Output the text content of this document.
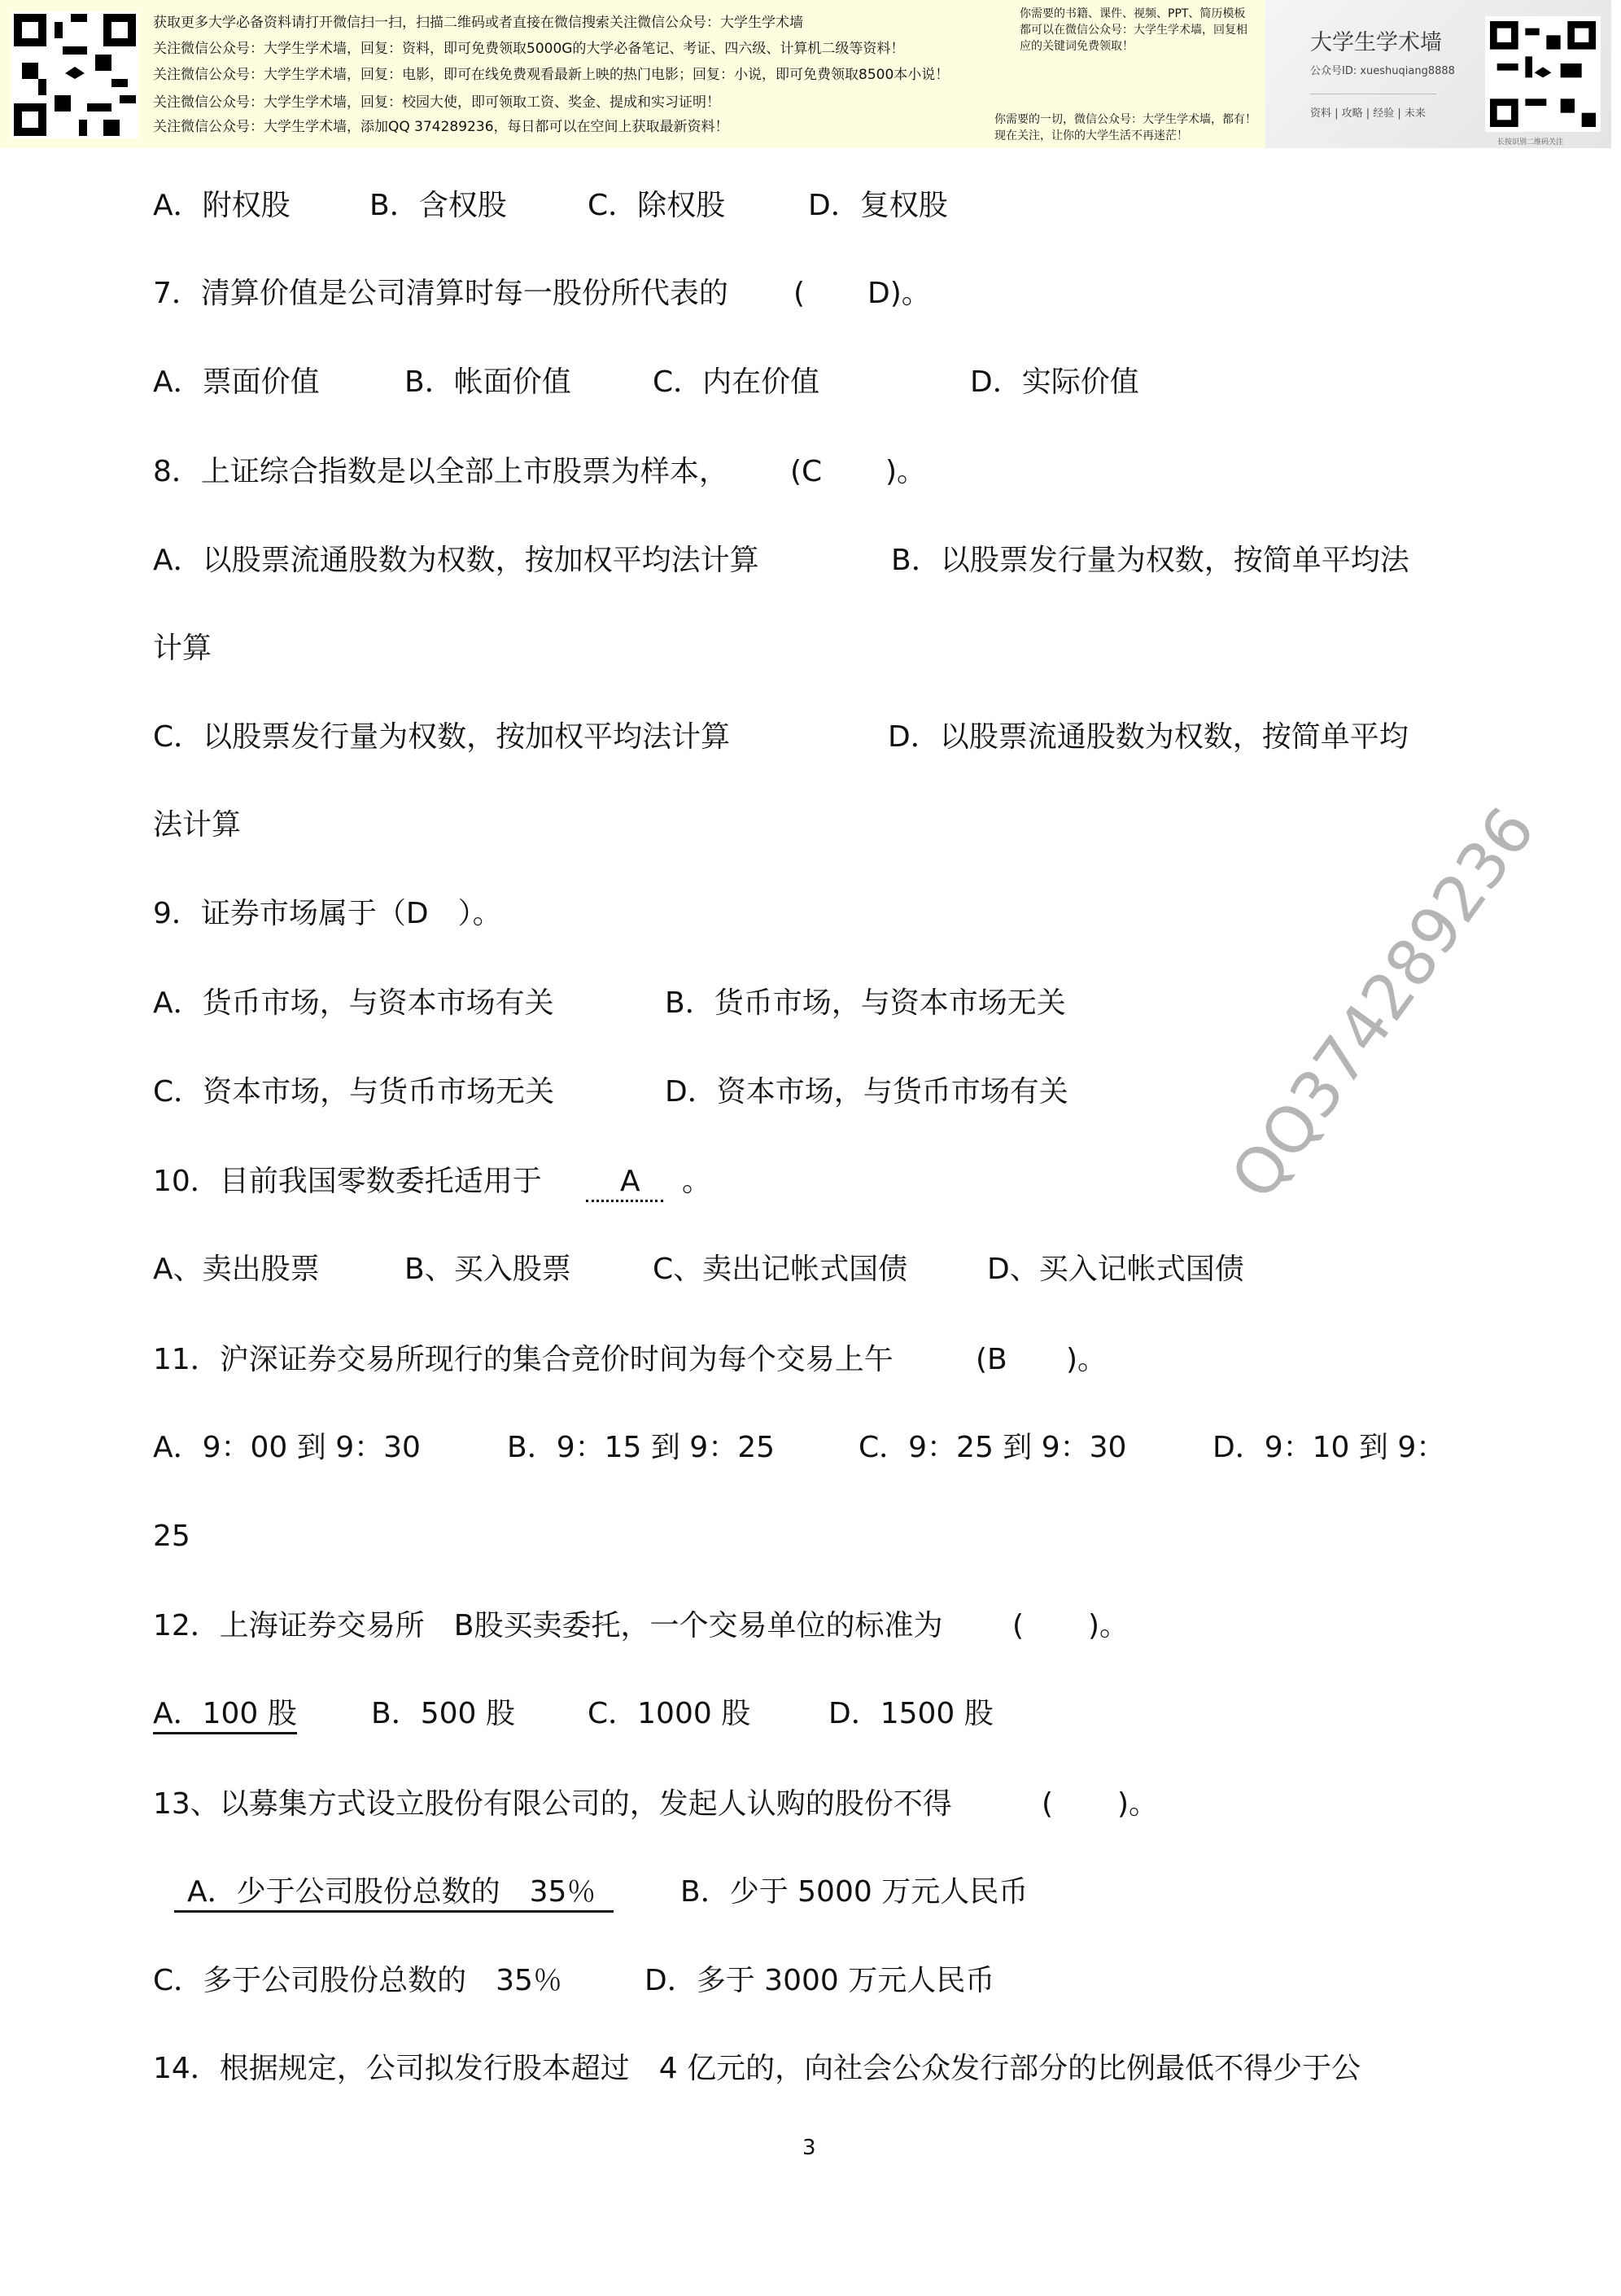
获取更多大学必备资料请打开微信扫一扫，扫描二维码或者直接在微信搜索关注微信公众号：大学生学术墙
关注微信公众号：大学生学术墙，回复：资料，即可免费领取5000G的大学必备笔记、考证、四六级、计算机二级等资料！
关注微信公众号：大学生学术墙，回复：电影，即可在线免费观看最新上映的热门电影；回复：小说，即可免费领取8500本小说！
关注微信公众号：大学生学术墙，回复：校园大使，即可领取工资、奖金、提成和实习证明！
关注微信公众号：大学生学术墙，添加QQ 374289236，每日都可以在空间上获取最新资料！
你需要的书籍、课件、视频、PPT、简历模板
都可以在微信公众号：大学生学术墙，回复相
应的关键词免费领取！
你需要的一切，微信公众号：大学生学术墙，都有！
现在关注，让你的大学生活不再迷茫！
大学生学术墙
公众号ID: xueshuqiang8888
资料 | 攻略 | 经验 | 未来
长按识别二维码关注
A．附权股	B．含权股	C．除权股	D．复权股
7．清算价值是公司清算时每一股份所代表的 ( D)。
A．票面价值	B．帐面价值	C．内在价值	D．实际价值
8．上证综合指数是以全部上市股票为样本， (C )。
A．以股票流通股数为权数，按加权平均法计算	B．以股票发行量为权数，按简单平均法
计算
C．以股票发行量为权数，按加权平均法计算	D．以股票流通股数为权数，按简单平均
法计算
9．证券市场属于（D　）。
A．货币市场，与资本市场有关	B．货币市场，与资本市场无关
C．资本市场，与货币市场无关	D．资本市场，与货币市场有关
10．目前我国零数委托适用于	A	。
A、卖出股票	B、买入股票	C、卖出记帐式国债	D、买入记帐式国债
11．沪深证券交易所现行的集合竞价时间为每个交易上午	(B )。
A．9：00 到 9：30	B．9：15 到 9：25	C．9：25 到 9：30	D．9：10 到 9：
25
12．上海证券交易所　B股买卖委托，一个交易单位的标准为 ( )。
A．100 股	B．500 股 C．1000 股	D．1500 股
13、以募集方式设立股份有限公司的，发起人认购的股份不得	( )。
A．少于公司股份总数的　35％	B．少于 5000 万元人民币
C．多于公司股份总数的　35％	D．多于 3000 万元人民币
14．根据规定，公司拟发行股本超过　4 亿元的，向社会公众发行部分的比例最低不得少于公
QQ374289236
3
